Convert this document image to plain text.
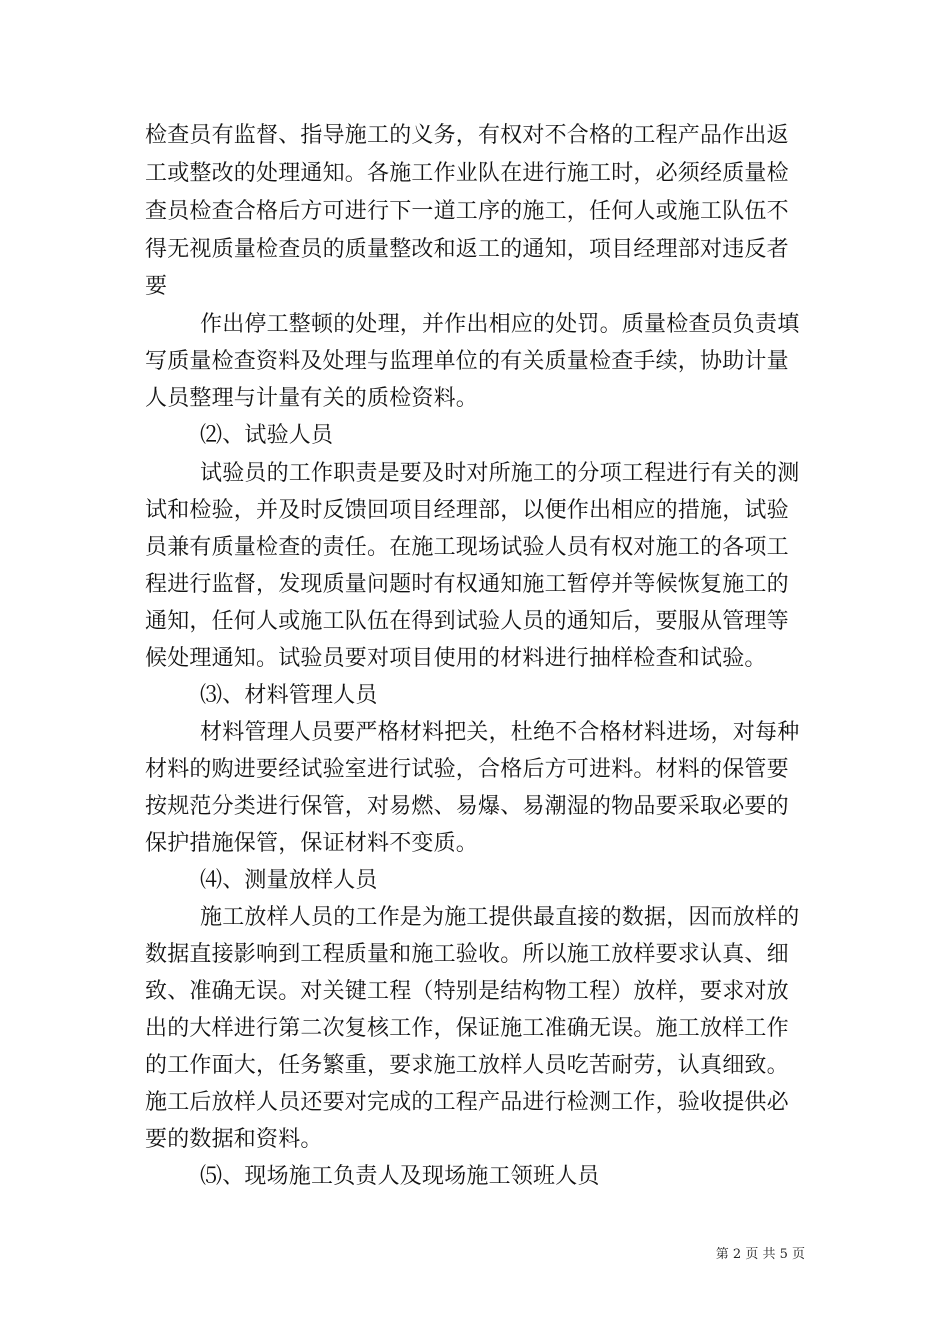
检查员有监督、指导施工的义务，有权对不合格的工程产品作出返
工或整改的处理通知。各施工作业队在进行施工时，必须经质量检
查员检查合格后方可进行下一道工序的施工，任何人或施工队伍不
得无视质量检查员的质量整改和返工的通知，项目经理部对违反者
要
作出停工整顿的处理，并作出相应的处罚。质量检查员负责填
写质量检查资料及处理与监理单位的有关质量检查手续，协助计量
人员整理与计量有关的质检资料。
⑵、试验人员
试验员的工作职责是要及时对所施工的分项工程进行有关的测
试和检验，并及时反馈回项目经理部，以便作出相应的措施，试验
员兼有质量检查的责任。在施工现场试验人员有权对施工的各项工
程进行监督，发现质量问题时有权通知施工暂停并等候恢复施工的
通知，任何人或施工队伍在得到试验人员的通知后，要服从管理等
候处理通知。试验员要对项目使用的材料进行抽样检查和试验。
⑶、材料管理人员
材料管理人员要严格材料把关，杜绝不合格材料进场，对每种
材料的购进要经试验室进行试验，合格后方可进料。材料的保管要
按规范分类进行保管，对易燃、易爆、易潮湿的物品要采取必要的
保护措施保管，保证材料不变质。
⑷、测量放样人员
施工放样人员的工作是为施工提供最直接的数据，因而放样的
数据直接影响到工程质量和施工验收。所以施工放样要求认真、细
致、准确无误。对关键工程（特别是结构物工程）放样，要求对放
出的大样进行第二次复核工作，保证施工准确无误。施工放样工作
的工作面大，任务繁重，要求施工放样人员吃苦耐劳，认真细致。
施工后放样人员还要对完成的工程产品进行检测工作，验收提供必
要的数据和资料。
⑸、现场施工负责人及现场施工领班人员
第 2 页 共 5 页
